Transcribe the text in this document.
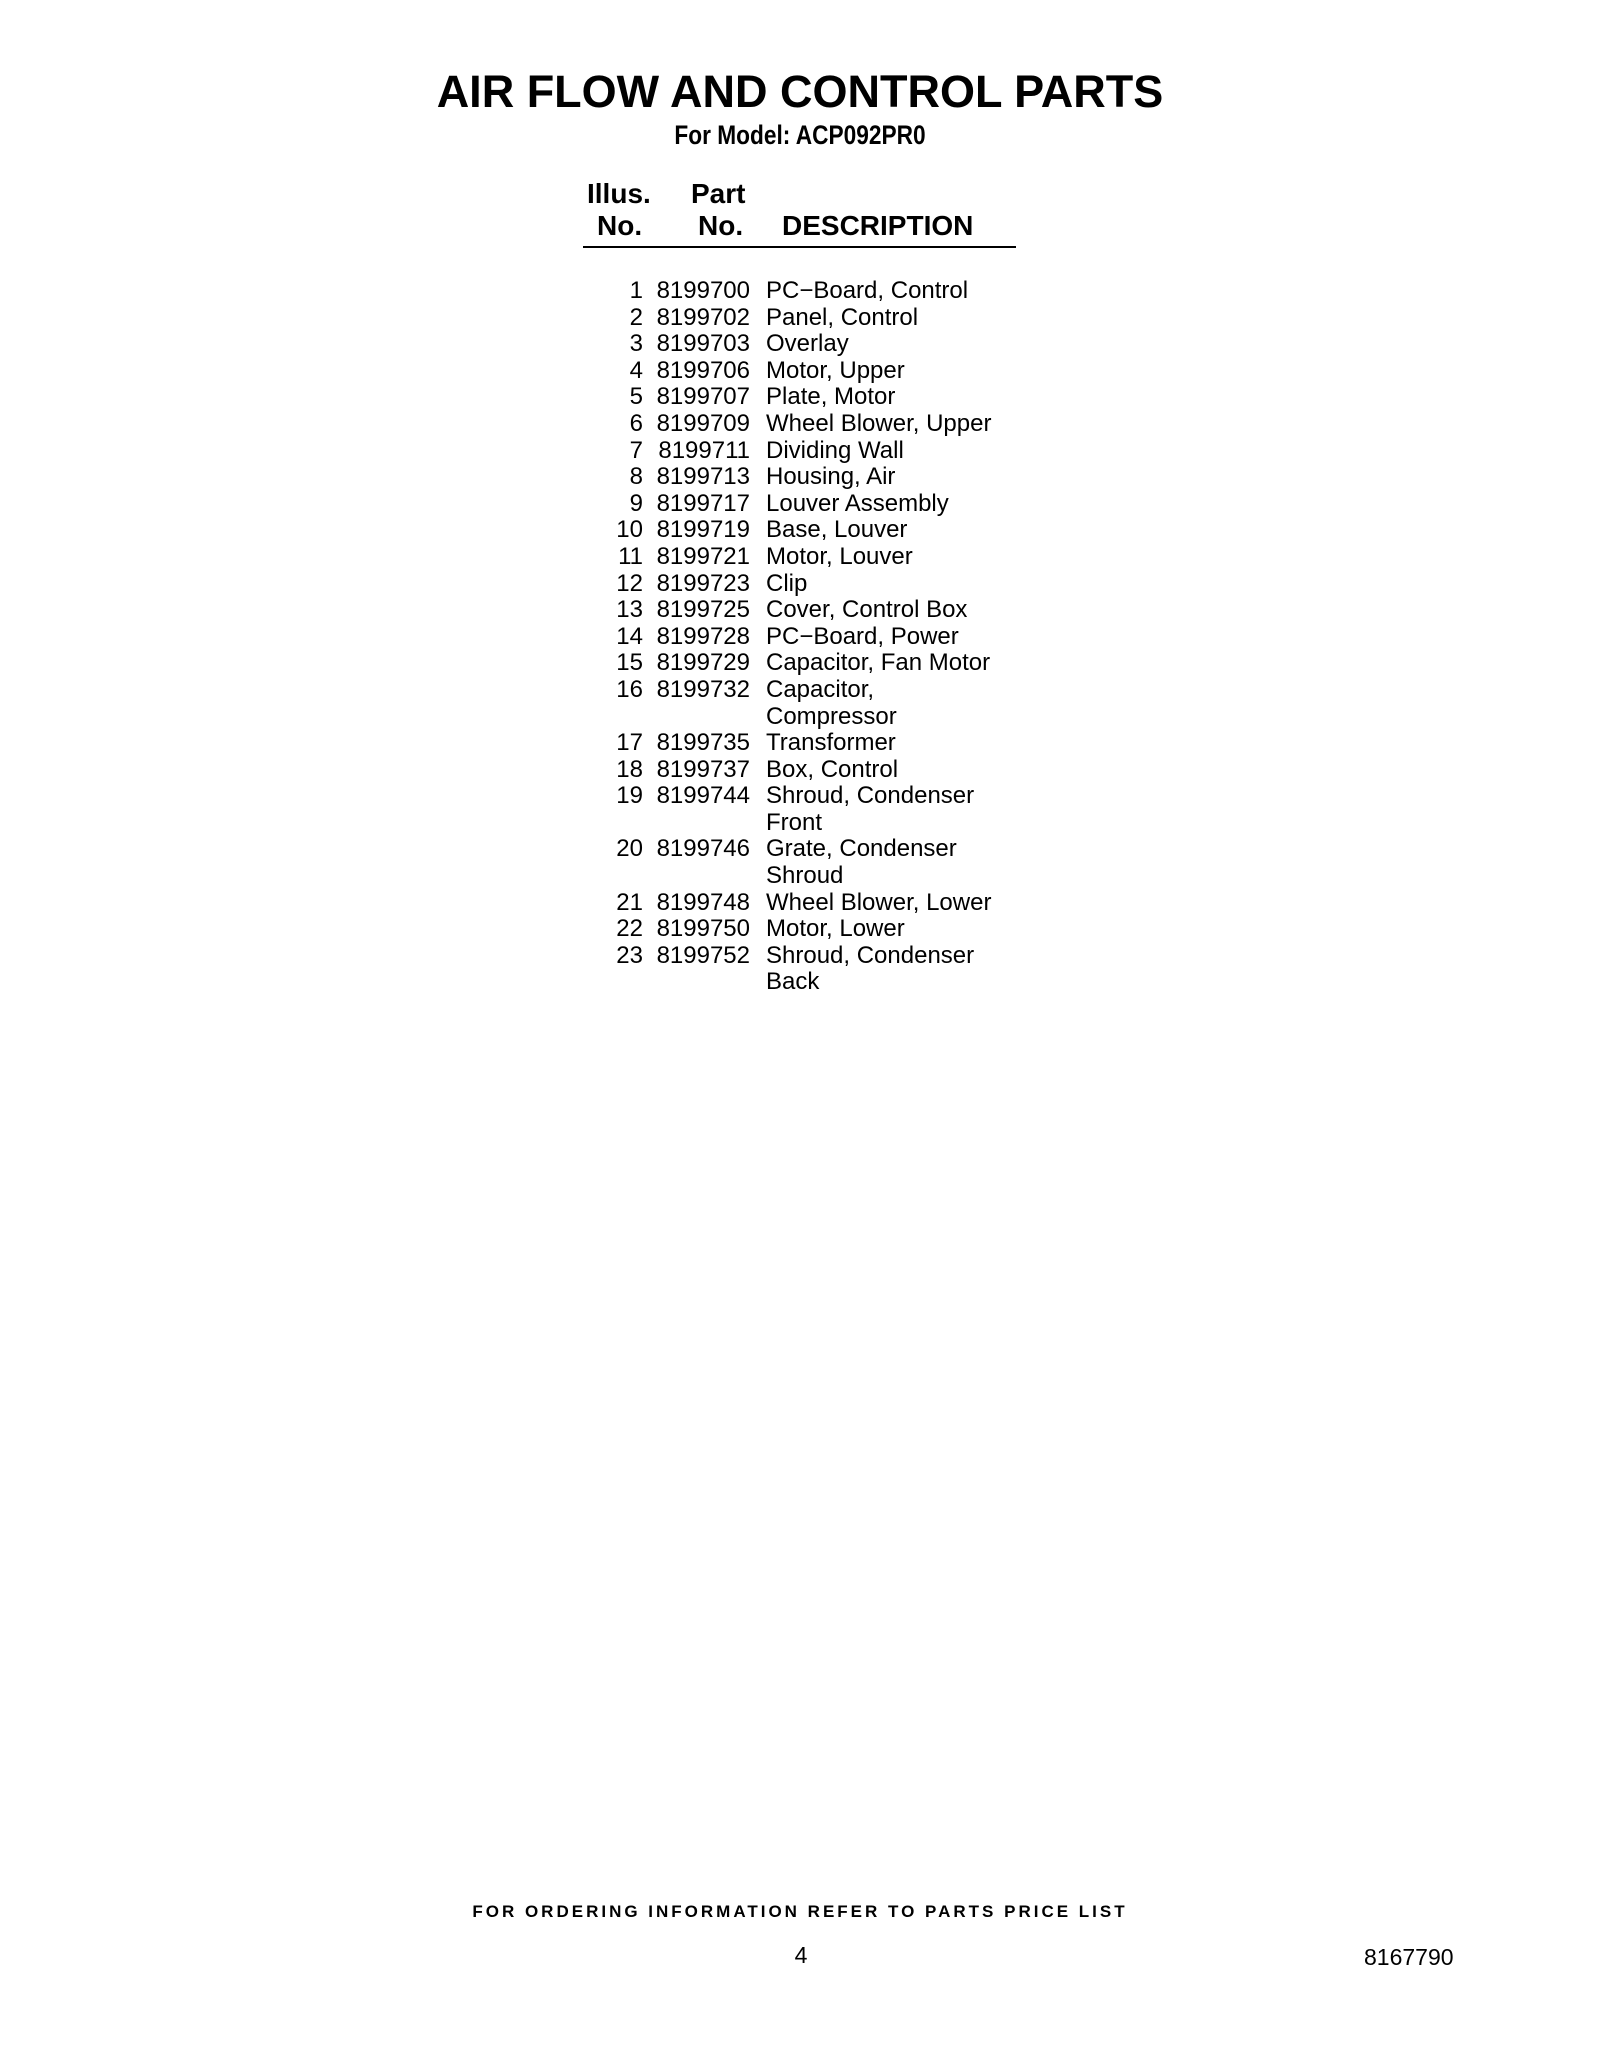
AIR FLOW AND CONTROL PARTS
For Model: ACP092PR0
Illus.
No.
Part
No. DESCRIPTION
1 8199700 PC−Board, Control
2 8199702 Panel, Control
3 8199703 Overlay
4 8199706 Motor, Upper
5 8199707 Plate, Motor
6 8199709 Wheel Blower, Upper
7 8199711 Dividing Wall
8 8199713 Housing, Air
9 8199717 Louver Assembly
10 8199719 Base, Louver
11 8199721 Motor, Louver
12 8199723 Clip
13 8199725 Cover, Control Box
14 8199728 PC−Board, Power
15 8199729 Capacitor, Fan Motor
16 8199732 Capacitor, Compressor
17 8199735 Transformer
18 8199737 Box, Control
19 8199744 Shroud, Condenser Front
20 8199746 Grate, Condenser Shroud
21 8199748 Wheel Blower, Lower
22 8199750 Motor, Lower
23 8199752 Shroud, Condenser Back
FOR ORDERING INFORMATION REFER TO PARTS PRICE LIST
4	8167790
